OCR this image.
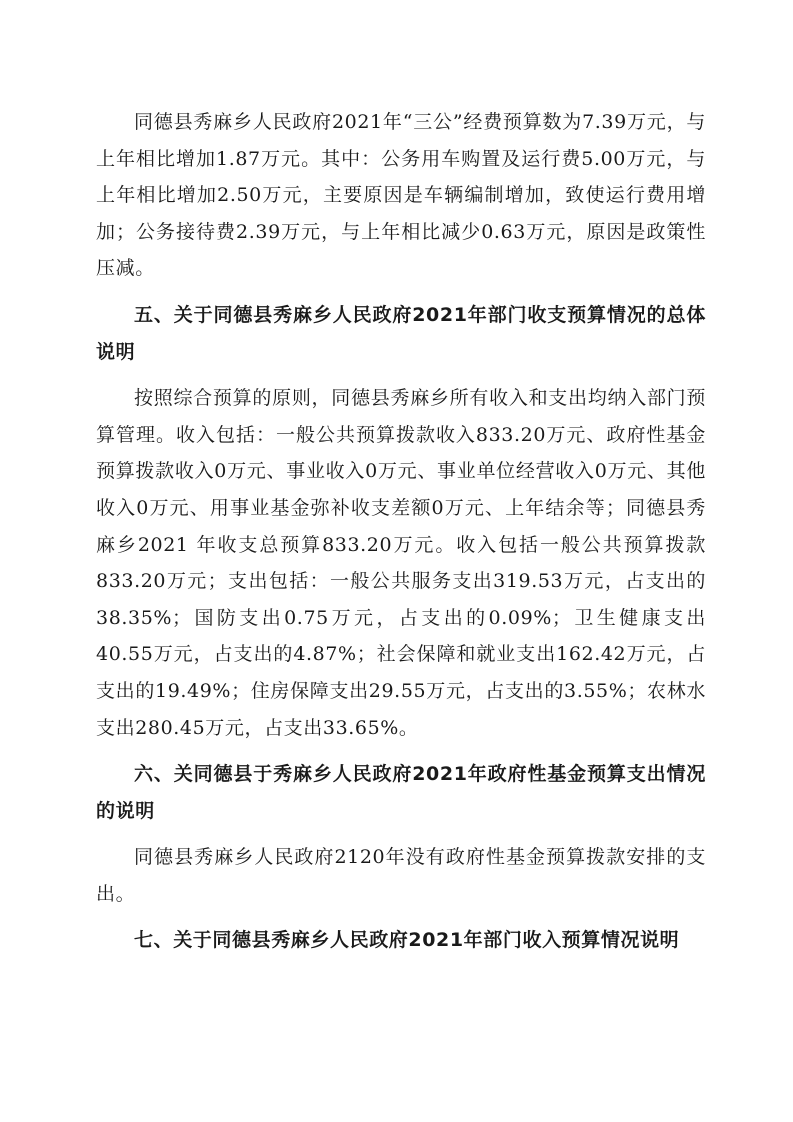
同德县秀麻乡人民政府2021年“三公”经费预算数为7.39万元，与上年相比增加1.87万元。其中：公务用车购置及运行费5.00万元，与上年相比增加2.50万元，主要原因是车辆编制增加，致使运行费用增加；公务接待费2.39万元，与上年相比减少0.63万元，原因是政策性压减。

五、关于同德县秀麻乡人民政府2021年部门收支预算情况的总体说明

按照综合预算的原则，同德县秀麻乡所有收入和支出均纳入部门预算管理。收入包括：一般公共预算拨款收入833.20万元、政府性基金预算拨款收入0万元、事业收入0万元、事业单位经营收入0万元、其他收入0万元、用事业基金弥补收支差额0万元、上年结余等；同德县秀麻乡2021 年收支总预算833.20万元。收入包括一般公共预算拨款833.20万元；支出包括：一般公共服务支出319.53万元，占支出的38.35%；国防支出0.75万元，占支出的0.09%；卫生健康支出40.55万元，占支出的4.87%；社会保障和就业支出162.42万元，占支出的19.49%；住房保障支出29.55万元，占支出的3.55%；农林水支出280.45万元，占支出33.65%。

六、关同德县于秀麻乡人民政府2021年政府性基金预算支出情况的说明

同德县秀麻乡人民政府2120年没有政府性基金预算拨款安排的支出。

七、关于同德县秀麻乡人民政府2021年部门收入预算情况说明
